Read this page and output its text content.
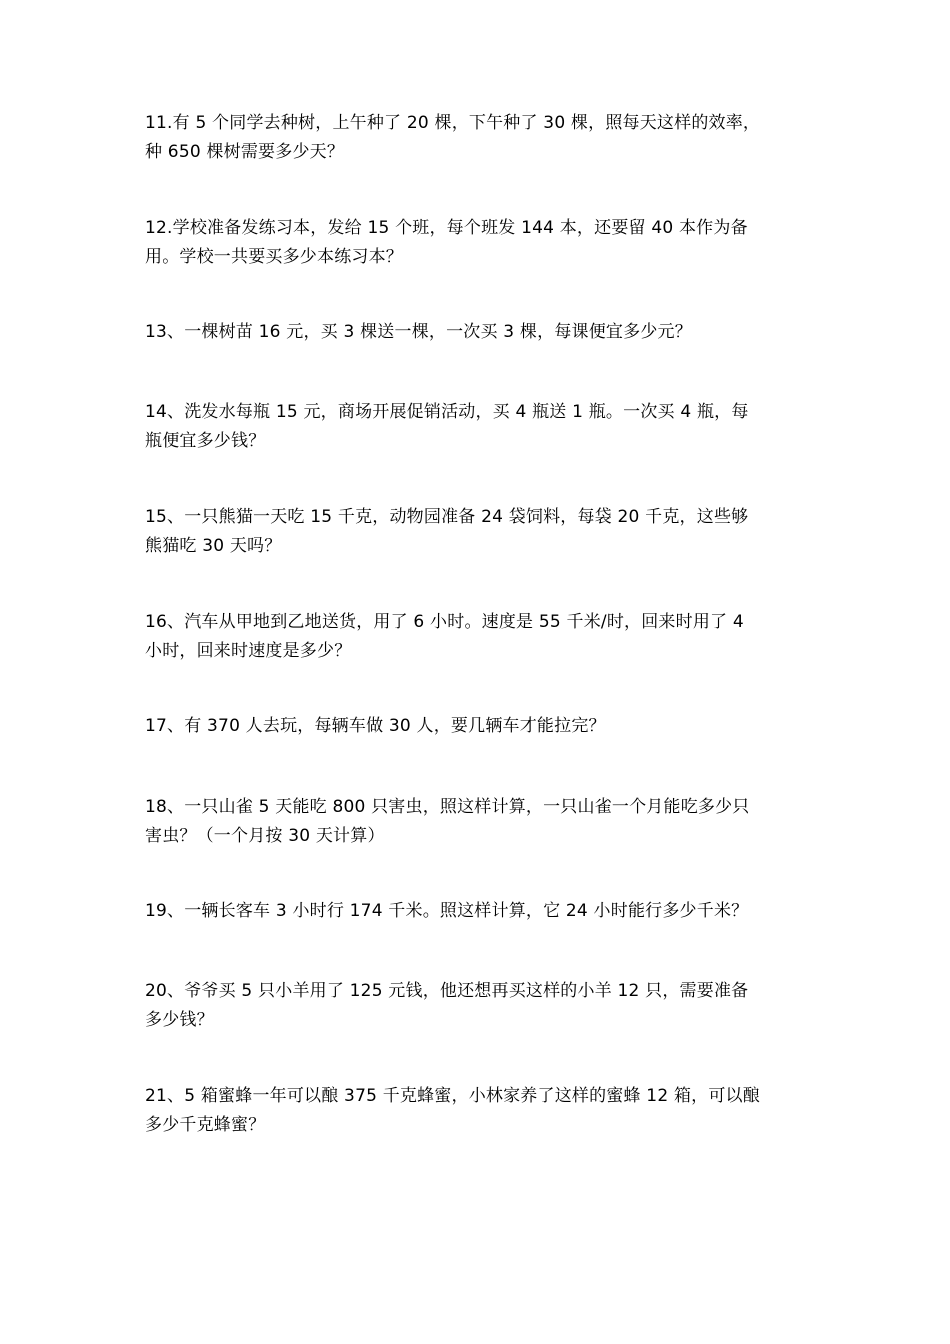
11.有 5 个同学去种树，上午种了 20 棵，下午种了 30 棵，照每天这样的效率，
种 650 棵树需要多少天？

12.学校准备发练习本，发给 15 个班，每个班发 144 本，还要留 40 本作为备
用。学校一共要买多少本练习本？

13、一棵树苗 16 元，买 3 棵送一棵，一次买 3 棵，每课便宜多少元？

14、洗发水每瓶 15 元，商场开展促销活动，买 4 瓶送 1 瓶。一次买 4 瓶，每
瓶便宜多少钱？

15、一只熊猫一天吃 15 千克，动物园准备 24 袋饲料，每袋 20 千克，这些够
熊猫吃 30 天吗？

16、汽车从甲地到乙地送货，用了 6 小时。速度是 55 千米/时，回来时用了 4
小时，回来时速度是多少？

17、有 370 人去玩，每辆车做 30 人，要几辆车才能拉完？

18、一只山雀 5 天能吃 800 只害虫，照这样计算，一只山雀一个月能吃多少只
害虫？（一个月按 30 天计算）

19、一辆长客车 3 小时行 174 千米。照这样计算，它 24 小时能行多少千米？

20、爷爷买 5 只小羊用了 125 元钱，他还想再买这样的小羊 12 只，需要准备
多少钱？

21、5 箱蜜蜂一年可以酿 375 千克蜂蜜，小林家养了这样的蜜蜂 12 箱，可以酿
多少千克蜂蜜？
